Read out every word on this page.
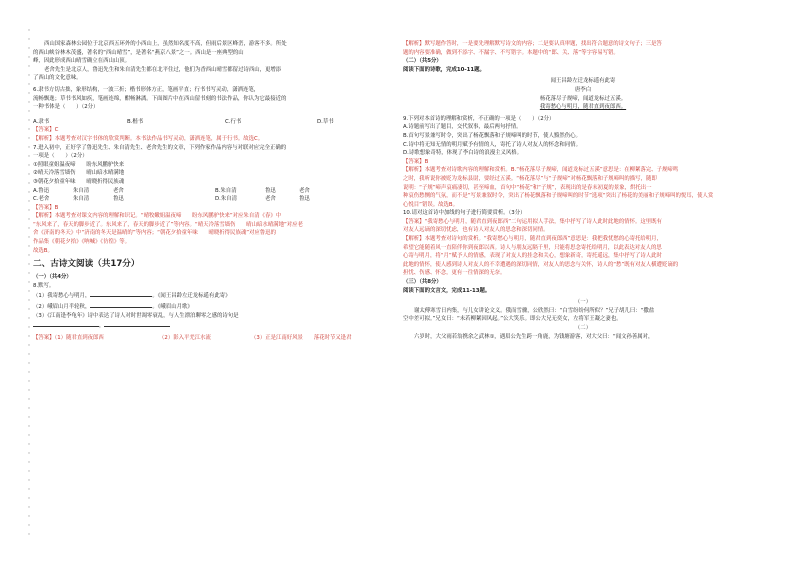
西山国家森林公园位于北京西五环外的小西山上，虽然知名度不高，但雨后景区峰峦，游客不多。所处
的西山峡谷林木茂盛，著名的“西山晴雪”，是著名“燕京八景”之一。西山是一座典型的山
峰，因此形成西山晴雪确立在西山山顶。
老舍先生是北京人，鲁迅先生和朱自清先生都在北平住过，他们为香西山晴雪都留过诗西山，更增添
了西山的文化意味。
6.隶书方切古拙，象形结构，一波三折；楷书形体方正，笔画平直；行书书写灵动，潇洒连笔，
流畅飘逸；草书书风如疾，笔画连绵，酣畅淋漓。下面图片中在西山留书刻的书法作品，你认为它最接近的
一种书体是（　　）（2分）
A.隶书	B.楷书	C.行书	D.草书
【答案】C
【解析】本题考查对汉字书体的欣赏判断。本书法作品书写灵动，潇洒连笔，属于行书。故选C。
7.进入初中，正好学了鲁迅先生、朱自清先生、老舍先生的文章，下列作家作品内容与对联对应完全正确的
一项是（　　）（2分）
①照眼童姐温夜啼　　盼东风鹏驴快来
②晴天冷落雪墙伤　　晴山暗水晴满地
③朝花夕拾童年味　　晴晓折得民族魂
A.鲁迅	朱自清	老舍	B.朱自清	鲁迅	老舍
C.老舍	朱自清	鲁迅	D.朱自清	老舍	鲁迅
【答案】B
【解析】本题考查对课文内容的理解和识记。“晴牧嫩姐温夜啼　　盼东风鹏驴快来”对应朱自清《春》中
“东风来了，春天的脚步近了。东风来了，春天的脚步近了”等内容。“晴天冷落雪墙伤　　晴山暗水晴满地”对应老
舍《济南的冬天》中“济南的冬天是温晴的”等内容；“朝花夕拾童年味　　晴晓折得民族魂”对应鲁迅的
作品集《朝花夕拾》《呐喊》《彷徨》等。
故选B。
二、古诗文阅读（共17分）
（一）（共4分）
8.默写。
（1）我寄愁心与明月，	。《闻王昌龄左迁龙标遥有此寄》
（2）峨眉山月半轮秋，	。《峨眉山月歌》
（3）《江南逢李龟年》诗中表达了诗人对时世凋零衰乱，与人生漂泊聊零之感的诗句是
，
【答案】（1）随君直到夜郎西	（2）影入平羌江水流	（3）正是江南好风景　　落花时节又逢君
【解析】默写题作答时，一是要先理解默写诗文的内容；二是要认真审题，找出符合题意的诗文句子；三是答
题的内容要准确，做到不添字、不漏字、不写错字。本题中的“郎、关、落”等字容易写错。
（二）（共5分）
阅读下面的诗歌，完成10-11题。
闻王昌龄左迁龙标遥有此寄
唐李白
杨花落尽子规啼，闻道龙标过五溪。
我寄愁心与明月，随君直到夜郎西。
9.下列对本首诗的理解和赏析，不正确的一项是（　　）（2分）
A.诗题前写出了题目，交代叙事，最后两句抒情。
B.首句写景兼写时令，突出了杨花飘落和子规啼叫的时节，使人黯然伤心。
C.诗中将无知无情的明月赋予有情的人，寄托了诗人对友人的怀念和同情。
D.诗歌想象奇特，体现了李白诗的浪漫主义风格。
【答案】B
【解析】本题考查对诗歌内容的理解和赏析。B.“杨花落尽子规啼，闻道龙标过五溪”意思是：在柳絮落完、子规啼鸣
之时，我听说你被贬为龙标县尉，要经过五溪。“杨花落尽”与“子规啼”对杨花飘落和子规啼叫的描写，随即
说明：“子规”啼声哀痛凄切，甚至啼血，首句中“杨花”和“子规”，表现出的是春末初夏的景象，烘托出一
种哀伤愁恻的气氛，而不是“写景兼叙时令，突出了杨花飘落和子规啼叫的时节”选项“突出了杨花的美丽和子规啼叫的悦耳，使人赏
心悦目”错误。故选B。
10.请对这首诗中加线的句子进行简要赏析。（3分）
【答案】“我寄愁心与明月，随君直到夜郎西”二句运用拟人手法，集中抒写了诗人此时此地的情怀。这里既有
对友人远谪的深切忧虑，也有诗人对友人的思念和深切同情。
【解析】本题考查对诗句的赏析。“我寄愁心与明月，随君直到夜郎西”意思是：我把我忧愁的心寄托给明月，
希望它能随着风一直陪伴你到夜郎以西。诗人与朋友远隔千里，只能将思念寄托给明月，以此表达对友人的思
心寄与明月，将“月”赋予人的情感，表现了对友人的挂念和关心，想象新奇，寄托遥远，集中抒写了诗人此时
此地的情怀，使人感到诗人对友人的不幸遭遇的深切同情，对友人的思念与关怀，诗人的“愁”既有对友人横遭贬谪的
担忧、伤感、怀念，更有一往情深的无奈。
（三）（共8分）
阅读下面的文言文，完成11-13题。
（一）
谢太傅寒雪日内集，与儿女讲论文义。俄而雪骤，公欣然曰：“白雪纷纷何所似？”兄子胡儿曰：“撒盐
空中差可拟。”兄女曰：“未若柳絮因风起。”公大笑乐。即公大兄无奕女，左将军王凝之妻也。
（二）
六岁时，大父雨若翁携余之武林①，遇眉公先生跨一角鹿，为钱塘游客，对大父曰：“闻文孙善属对，
